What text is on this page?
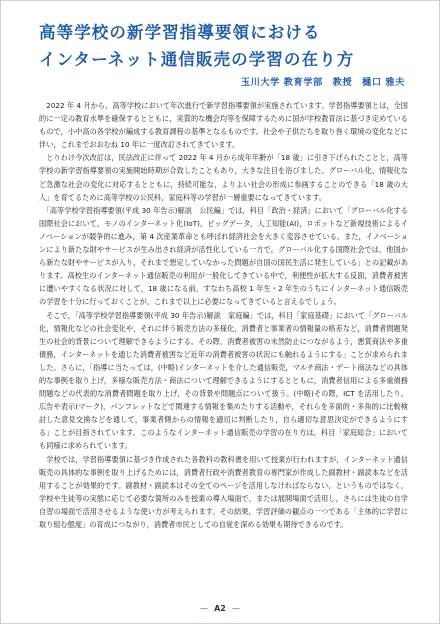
高等学校の新学習指導要領における
インターネット通信販売の学習の在り方
玉川大学 教育学部　教授　樋口 雅夫

　2022 年 4 月から，高等学校において年次進行で新学習指導要領が実施されています。学習指導要領とは，全国的に一定の教育水準を確保するとともに，実質的な機会均等を保障するために国が学校教育法に基づき定めているもので，小中高の各学校が編成する教育課程の基準となるものです。社会や子供たちを取り巻く環境の変化などに伴い，これまでおおむね 10 年に一度改訂されてきています。

　とりわけ今次改訂は，民法改正に伴って 2022 年 4 月から成年年齢が「18 歳」に引き下げられたことと，高等学校の新学習指導要領の実施開始時期が合致したこともあり，大きな注目を浴びました。グローバル化，情報化など急激な社会の変化に対応するとともに，持続可能な，よりよい社会の形成に参画することのできる「18 歳の大人」を育てるために高等学校の公民科，家庭科等の学習が一層重要になってきています。

　「高等学校学習指導要領(平成 30 年告示)解説　公民編」では，科目「政治・経済」において「グローバル化する国際社会において，モノのインターネット化(IoT)，ビッグデータ，人工知能(AI)，ロボットなど新規技術によるイノベーションが競争的に進み，第 4 次産業革命とも呼ばれ経済社会を大きく変容させている。また，イノベーションにより新たな財やサービスが生み出され経済が活性化している一方で，グローバル化する国際社会では，他国から新たな財やサービスが入り，それまで想定していなかった問題が自国の国民生活に発生している」との記載があります。高校生のインターネット通信販売の利用が一般化してきている中で，利便性が拡大する反面，消費者被害に遭いやすくなる状況に対して，18 歳になる前，すなわち高校 1 年生・2 年生のうちにインターネット通信販売の学習を十分に行っておくことが，これまで以上に必要になってきていると言えるでしょう。

　そこで，「高等学校学習指導要領(平成 30 年告示)解説　家庭編」では，科目「家庭基礎」において「グローバル化，情報化などの社会変化や，それに伴う販売方法の多様化，消費者と事業者の情報量の格差など，消費者問題発生の社会的背景について理解できるようにする。その際，消費者被害の未然防止につながるよう，悪質商法や多重債務，インターネットを通じた消費者被害など近年の消費者被害の状況にも触れるようにする」ことが求められました。さらに，「指導に当たっては，(中略)インターネットを介した通信販売，マルチ商法・デート商法などの具体的な事例を取り上げ，多様な販売方法・商法について理解できるようにするとともに，消費者信用による多重債務問題などの代表的な消費者問題を取り上げ，その背景や問題点について扱う。(中略)その際，ICT を活用したり，広告や表示(マーク)，パンフレットなどで関連する情報を集めたりする活動や，それらを多面的・多角的に比較検討した意見交換などを通して，事業者側からの情報を適切に判断したり，自ら適切な意思決定ができるようにする」ことが目指されています。このようなインターネット通信販売の学習の在り方は，科目「家庭総合」においても同様に求められています。

　学校では，学習指導要領に基づき作成された各教科の教科書を用いて授業が行われますが，インターネット通信販売の具体的な事例を取り上げるためには，消費者行政や消費者教育の専門家が作成した副教材・副読本などを活用することが効果的です。副教材・副読本はその全てのページを活用しなければならない，というものではなく，学校や生徒等の実態に応じて必要な箇所のみを授業の導入場面で，または展開場面で活用し，さらには生徒の自学自習の場面で活用させるような使い方が考えられます。その結果，学習評価の観点の一つである「主体的に学習に取り組む態度」の育成につながり，消費者市民としての自覚を深める効果も期待できるのです。

— A2 —
